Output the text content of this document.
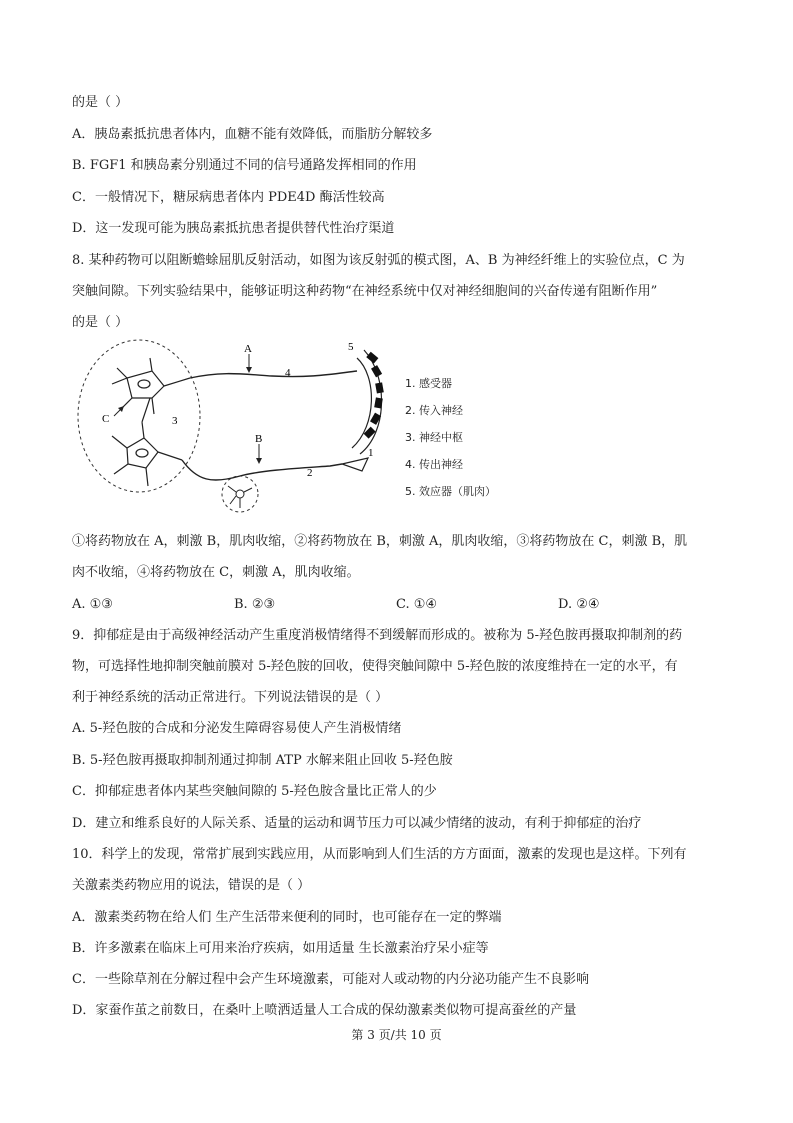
的是（ ）
A．胰岛素抵抗患者体内，血糖不能有效降低，而脂肪分解较多
B. FGF1 和胰岛素分别通过不同的信号通路发挥相同的作用
C．一般情况下，糖尿病患者体内 PDE4D 酶活性较高
D．这一发现可能为胰岛素抵抗患者提供替代性治疗渠道
8. 某种药物可以阻断蟾蜍屈肌反射活动，如图为该反射弧的模式图，A、B 为神经纤维上的实验位点，C 为
突触间隙。下列实验结果中，能够证明这种药物“在神经系统中仅对神经细胞间的兴奋传递有阻断作用”
的是（ ）
A
B
C	3
4
5
2
1
1. 感受器
2. 传入神经
3. 神经中枢
4. 传出神经
5. 效应器（肌肉）
①将药物放在 A，刺激 B，肌肉收缩，②将药物放在 B，刺激 A，肌肉收缩，③将药物放在 C，刺激 B，肌
肉不收缩，④将药物放在 C，刺激 A，肌肉收缩。
A. ①③	B. ②③	C. ①④	D. ②④
9．抑郁症是由于高级神经活动产生重度消极情绪得不到缓解而形成的。被称为 5-羟色胺再摄取抑制剂的药
物，可选择性地抑制突触前膜对 5-羟色胺的回收，使得突触间隙中 5-羟色胺的浓度维持在一定的水平，有
利于神经系统的活动正常进行。下列说法错误的是（ ）
A. 5-羟色胺的合成和分泌发生障碍容易使人产生消极情绪
B. 5-羟色胺再摄取抑制剂通过抑制 ATP 水解来阻止回收 5-羟色胺
C．抑郁症患者体内某些突触间隙的 5-羟色胺含量比正常人的少
D．建立和维系良好的人际关系、适量的运动和调节压力可以减少情绪的波动，有利于抑郁症的治疗
10．科学上的发现，常常扩展到实践应用，从而影响到人们生活的方方面面，激素的发现也是这样。下列有
关激素类药物应用的说法，错误的是（ ）
A．激素类药物在给人们 生产生活带来便利的同时，也可能存在一定的弊端
B．许多激素在临床上可用来治疗疾病，如用适量 生长激素治疗呆小症等
C．一些除草剂在分解过程中会产生环境激素，可能对人或动物的内分泌功能产生不良影响
D．家蚕作茧之前数日，在桑叶上喷洒适量人工合成的保幼激素类似物可提高蚕丝的产量
第 3 页/共 10 页
